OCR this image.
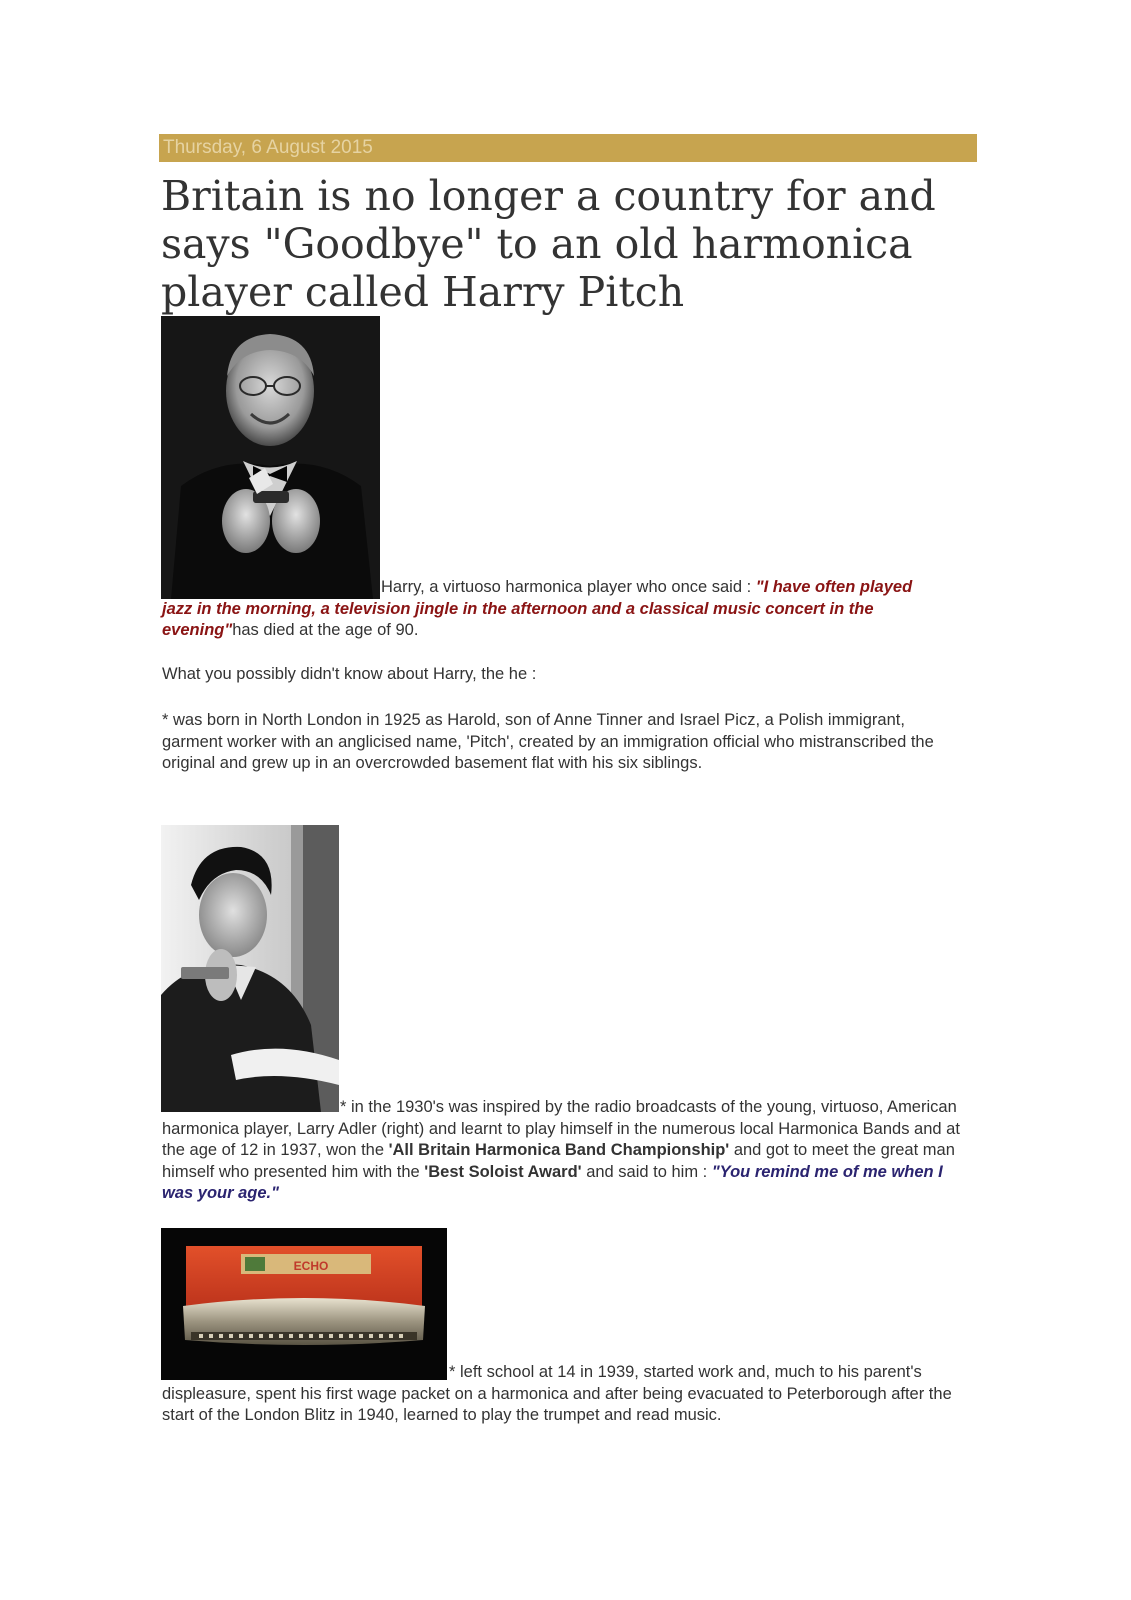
Thursday, 6 August 2015
Britain is no longer a country for and says "Goodbye" to an old harmonica player called Harry Pitch

Harry, a virtuoso harmonica player who once said : "I have often played jazz in the morning, a television jingle in the afternoon and a classical music concert in the evening"has died at the age of 90.

What you possibly didn't know about Harry, the he :

* was born in North London in 1925 as Harold, son of Anne Tinner and Israel Picz, a Polish immigrant, garment worker with an anglicised name, 'Pitch', created by an immigration official who mistranscribed the original and grew up in an overcrowded basement flat with his six siblings.

* in the 1930's was inspired by the radio broadcasts of the young, virtuoso, American harmonica player, Larry Adler (right) and learnt to play himself in the numerous local Harmonica Bands and at the age of 12 in 1937, won the 'All Britain Harmonica Band Championship' and got to meet the great man himself who presented him with the 'Best Soloist Award' and said to him : "You remind me of me when I was your age."

ECHO

* left school at 14 in 1939, started work and, much to his parent's displeasure, spent his first wage packet on a harmonica and after being evacuated to Peterborough after the start of the London Blitz in 1940, learned to play the trumpet and read music.
